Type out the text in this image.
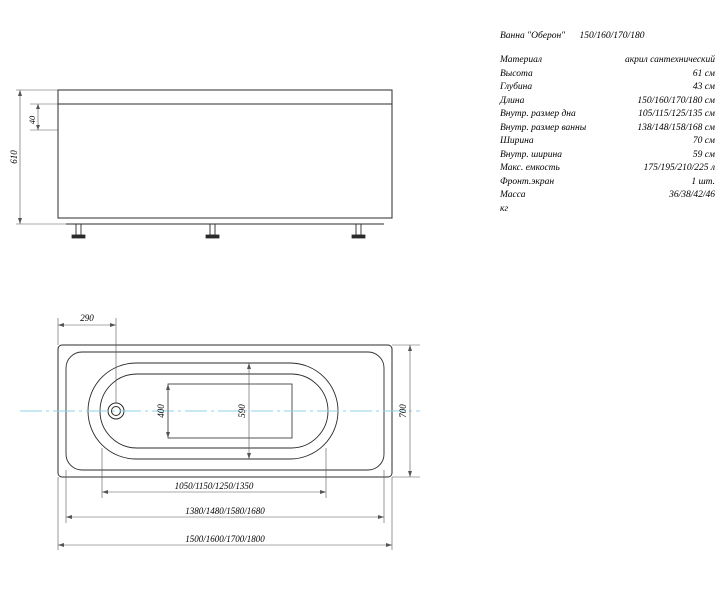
Ванна "Оберон" 150/160/170/180
Материал	акрил сантехнический
Высота	61 см
Глубина	43 см
Длина	150/160/170/180 см
Внутр. размер дна	105/115/125/135 см
Внутр. размер ванны	138/148/158/168 см
Ширина	70 см
Внутр. ширина	59 см
Макс. емкость	175/195/210/225 л
Фронт.экран	1 шт.
Масса	36/38/42/46
кг
40
610
400	590	700
290
1050/1150/1250/1350
1380/1480/1580/1680
1500/1600/1700/1800
